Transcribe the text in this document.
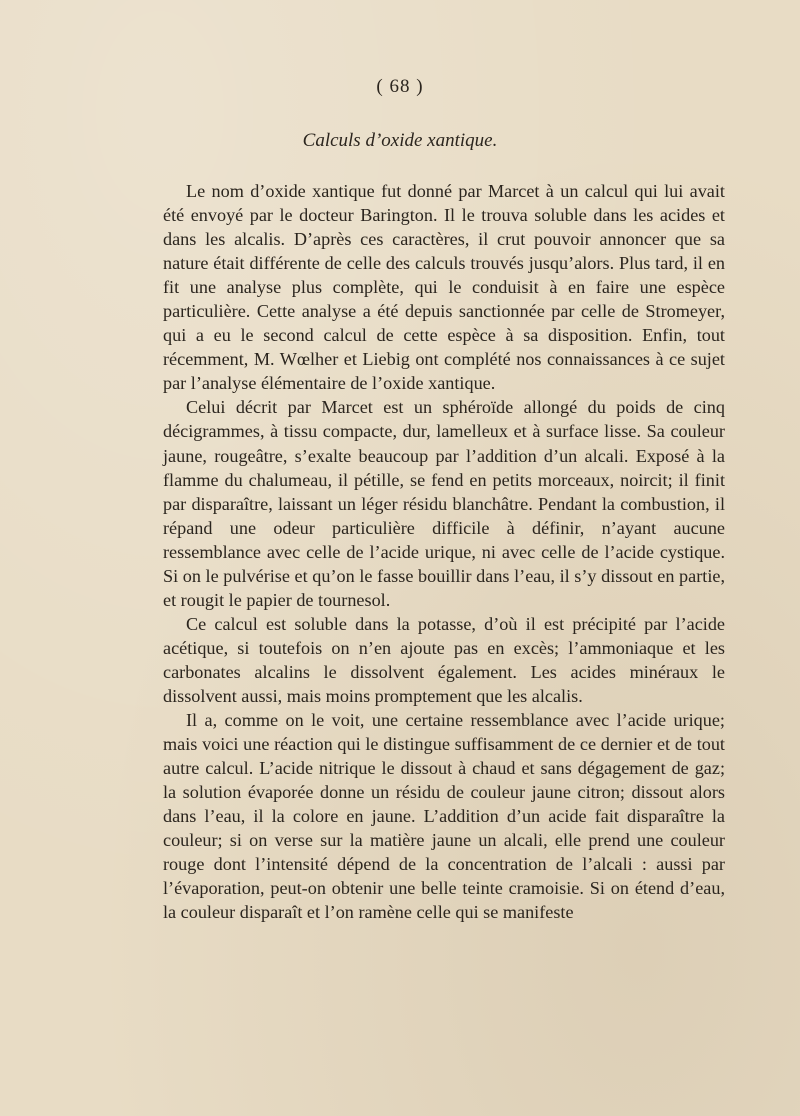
( 68 )
Calculs d’oxide xantique.

Le nom d’oxide xantique fut donné par Marcet à un calcul qui lui avait été envoyé par le docteur Barington. Il le trouva soluble dans les acides et dans les alcalis. D’après ces caractères, il crut pouvoir annoncer que sa nature était différente de celle des calculs trouvés jusqu’alors. Plus tard, il en fit une analyse plus complète, qui le conduisit à en faire une espèce particulière. Cette analyse a été depuis sanctionnée par celle de Stromeyer, qui a eu le second calcul de cette espèce à sa disposition. Enfin, tout récemment, M. Wœlher et Liebig ont complété nos connaissances à ce sujet par l’analyse élémentaire de l’oxide xantique.

Celui décrit par Marcet est un sphéroïde allongé du poids de cinq décigrammes, à tissu compacte, dur, lamelleux et à surface lisse. Sa couleur jaune, rougeâtre, s’exalte beaucoup par l’addition d’un alcali. Exposé à la flamme du chalumeau, il pétille, se fend en petits morceaux, noircit; il finit par disparaître, laissant un léger résidu blanchâtre. Pendant la combustion, il répand une odeur particulière difficile à définir, n’ayant aucune ressemblance avec celle de l’acide urique, ni avec celle de l’acide cystique. Si on le pulvérise et qu’on le fasse bouillir dans l’eau, il s’y dissout en partie, et rougit le papier de tournesol.

Ce calcul est soluble dans la potasse, d’où il est précipité par l’acide acétique, si toutefois on n’en ajoute pas en excès; l’ammoniaque et les carbonates alcalins le dissolvent également. Les acides minéraux le dissolvent aussi, mais moins promptement que les alcalis.

Il a, comme on le voit, une certaine ressemblance avec l’acide urique; mais voici une réaction qui le distingue suffisamment de ce dernier et de tout autre calcul. L’acide nitrique le dissout à chaud et sans dégagement de gaz; la solution évaporée donne un résidu de couleur jaune citron; dissout alors dans l’eau, il la colore en jaune. L’addition d’un acide fait disparaître la couleur; si on verse sur la matière jaune un alcali, elle prend une couleur rouge dont l’intensité dépend de la concentration de l’alcali : aussi par l’évaporation, peut-on obtenir une belle teinte cramoisie. Si on étend d’eau, la couleur disparaît et l’on ramène celle qui se manifeste
